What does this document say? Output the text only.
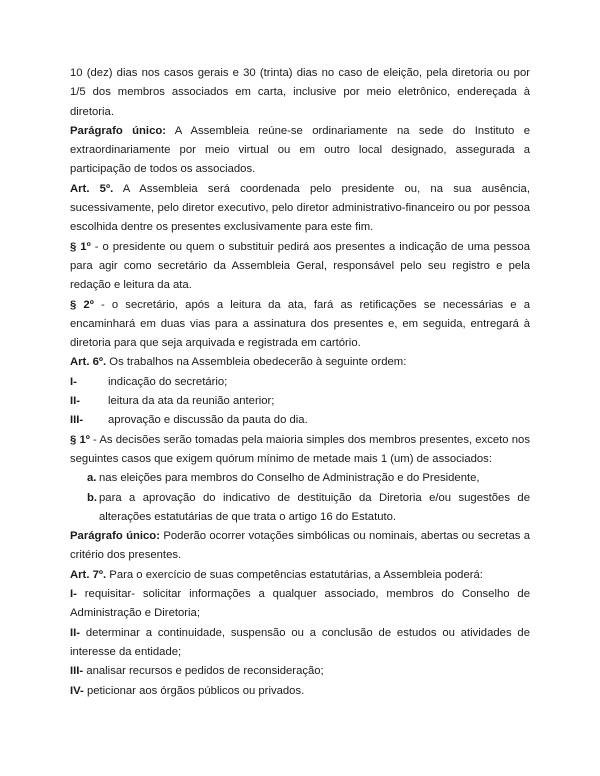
10 (dez) dias nos casos gerais e 30 (trinta) dias no caso de eleição, pela diretoria ou por 1/5 dos membros associados em carta, inclusive por meio eletrônico, endereçada à diretoria.
Parágrafo único: A Assembleia reúne-se ordinariamente na sede do Instituto e extraordinariamente por meio virtual ou em outro local designado, assegurada a participação de todos os associados.
Art. 5º. A Assembleia será coordenada pelo presidente ou, na sua ausência, sucessivamente, pelo diretor executivo, pelo diretor administrativo-financeiro ou por pessoa escolhida dentre os presentes exclusivamente para este fim.
§ 1º - o presidente ou quem o substituir pedirá aos presentes a indicação de uma pessoa para agir como secretário da Assembleia Geral, responsável pelo seu registro e pela redação e leitura da ata.
§ 2º - o secretário, após a leitura da ata, fará as retificações se necessárias e a encaminhará em duas vias para a assinatura dos presentes e, em seguida, entregará à diretoria para que seja arquivada e registrada em cartório.
Art. 6º. Os trabalhos na Assembleia obedecerão à seguinte ordem:
I-	indicação do secretário;
II- leitura da ata da reunião anterior;
III- aprovação e discussão da pauta do dia.
§ 1º - As decisões serão tomadas pela maioria simples dos membros presentes, exceto nos seguintes casos que exigem quórum mínimo de metade mais 1 (um) de associados:
a. nas eleições para membros do Conselho de Administração e do Presidente,
b. para a aprovação do indicativo de destituição da Diretoria e/ou sugestões de alterações estatutárias de que trata o artigo 16 do Estatuto.
Parágrafo único: Poderão ocorrer votações simbólicas ou nominais, abertas ou secretas a critério dos presentes.
Art. 7º. Para o exercício de suas competências estatutárias, a Assembleia poderá:
I- requisitar- solicitar informações a qualquer associado, membros do Conselho de Administração e Diretoria;
II- determinar a continuidade, suspensão ou a conclusão de estudos ou atividades de interesse da entidade;
III- analisar recursos e pedidos de reconsideração;
IV- peticionar aos órgãos públicos ou privados.
